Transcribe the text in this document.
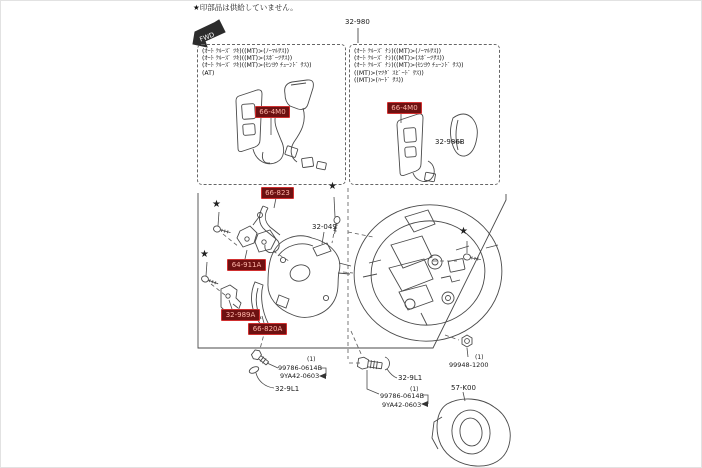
FWD
★印部品は供給していません。
★
★
★
★
32-980
(ｵｰﾄ ｸﾙｰｽﾞ ﾂｷ)((MT)>(ﾉｰﾏﾙｻｽ))
(ｵｰﾄ ｸﾙｰｽﾞ ﾂｷ)((MT)>(ｽﾎﾟｰﾂｻｽ))
(ｵｰﾄ ｸﾙｰｽﾞ ﾂｷ)((MT)>(ｾﾝﾖｳ ﾁｭｰﾝﾄﾞ ｻｽ))
(AT)
(ｵｰﾄ ｸﾙｰｽﾞ ﾅｼ)((MT)>(ﾉｰﾏﾙｻｽ))
(ｵｰﾄ ｸﾙｰｽﾞ ﾅｼ)((MT)>(ｽﾎﾟｰﾂｻｽ))
(ｵｰﾄ ｸﾙｰｽﾞ ﾅｼ)((MT)>(ｾﾝﾖｳ ﾁｭｰﾝﾄﾞ ｻｽ))
((MT)>(ﾏﾂﾀﾞ ｽﾋﾟｰﾄﾞ ｻｽ))
((MT)>(ﾊｰﾄﾞ ｻｽ))
66-4M0	66-4M0
66-823
64-911A
32-989A
66-820A
32-986B
32-049
57-K00
(1)
99786-0614B
9YA42-0603
32-9L1
32-9L1
(1)
99786-0614B
9YA42-0603
(1)
99948-1200
